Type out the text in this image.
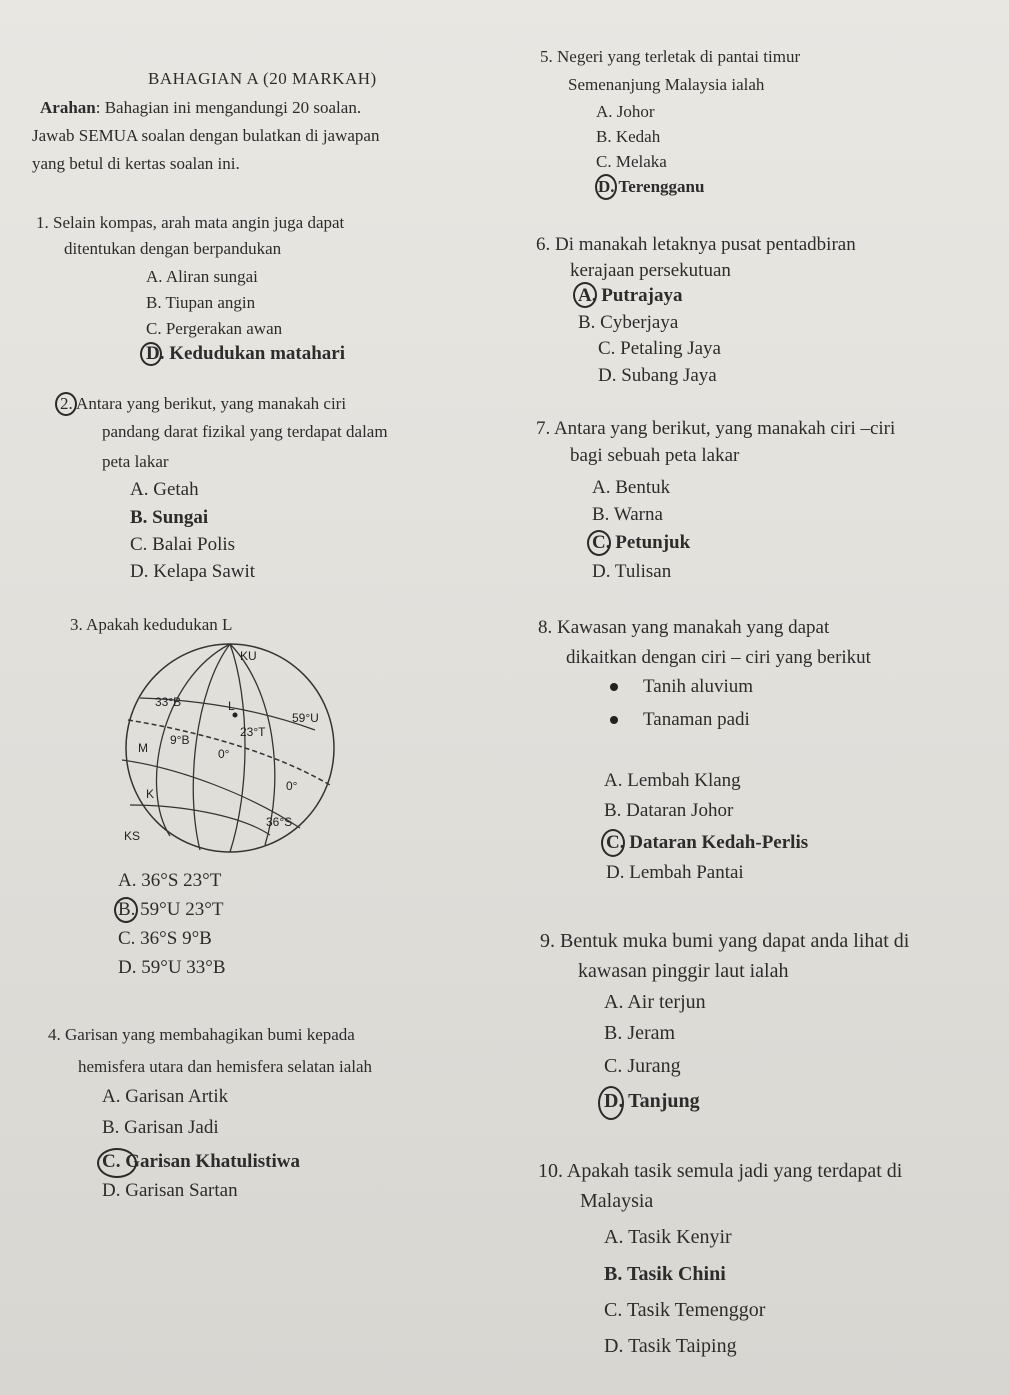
BAHAGIAN A (20 MARKAH)
Arahan: Bahagian ini mengandungi 20 soalan.
Jawab SEMUA soalan dengan bulatkan di jawapan
yang betul di kertas soalan ini.
1. Selain kompas, arah mata angin juga dapat
ditentukan dengan berpandukan
A. Aliran sungai
B. Tiupan angin
C. Pergerakan awan
D. Kedudukan matahari
2. Antara yang berikut, yang manakah ciri
pandang darat fizikal yang terdapat dalam
peta lakar
A. Getah
B. Sungai
C. Balai Polis
D. Kelapa Sawit
3. Apakah kedudukan L
KU
33°B	L
59°U
23°T
9°B
M	0°
0°
K
36°S
KS
A. 36°S 23°T
B. 59°U 23°T
C. 36°S 9°B
D. 59°U 33°B
4. Garisan yang membahagikan bumi kepada
hemisfera utara dan hemisfera selatan ialah
A. Garisan Artik
B. Garisan Jadi
C. Garisan Khatulistiwa
D. Garisan Sartan
5. Negeri yang terletak di pantai timur
Semenanjung Malaysia ialah
A. Johor
B. Kedah
C. Melaka
D. Terengganu
6. Di manakah letaknya pusat pentadbiran
kerajaan persekutuan
A. Putrajaya
B. Cyberjaya
C. Petaling Jaya
D. Subang Jaya
7. Antara yang berikut, yang manakah ciri –ciri
bagi sebuah peta lakar
A. Bentuk
B. Warna
C. Petunjuk
D. Tulisan
8. Kawasan yang manakah yang dapat
dikaitkan dengan ciri – ciri yang berikut
Tanih aluvium
Tanaman padi
A. Lembah Klang
B. Dataran Johor
C. Dataran Kedah-Perlis
D. Lembah Pantai
9. Bentuk muka bumi yang dapat anda lihat di
kawasan pinggir laut ialah
A. Air terjun
B. Jeram
C. Jurang
D. Tanjung
10. Apakah tasik semula jadi yang terdapat di
Malaysia
A. Tasik Kenyir
B. Tasik Chini
C. Tasik Temenggor
D. Tasik Taiping
